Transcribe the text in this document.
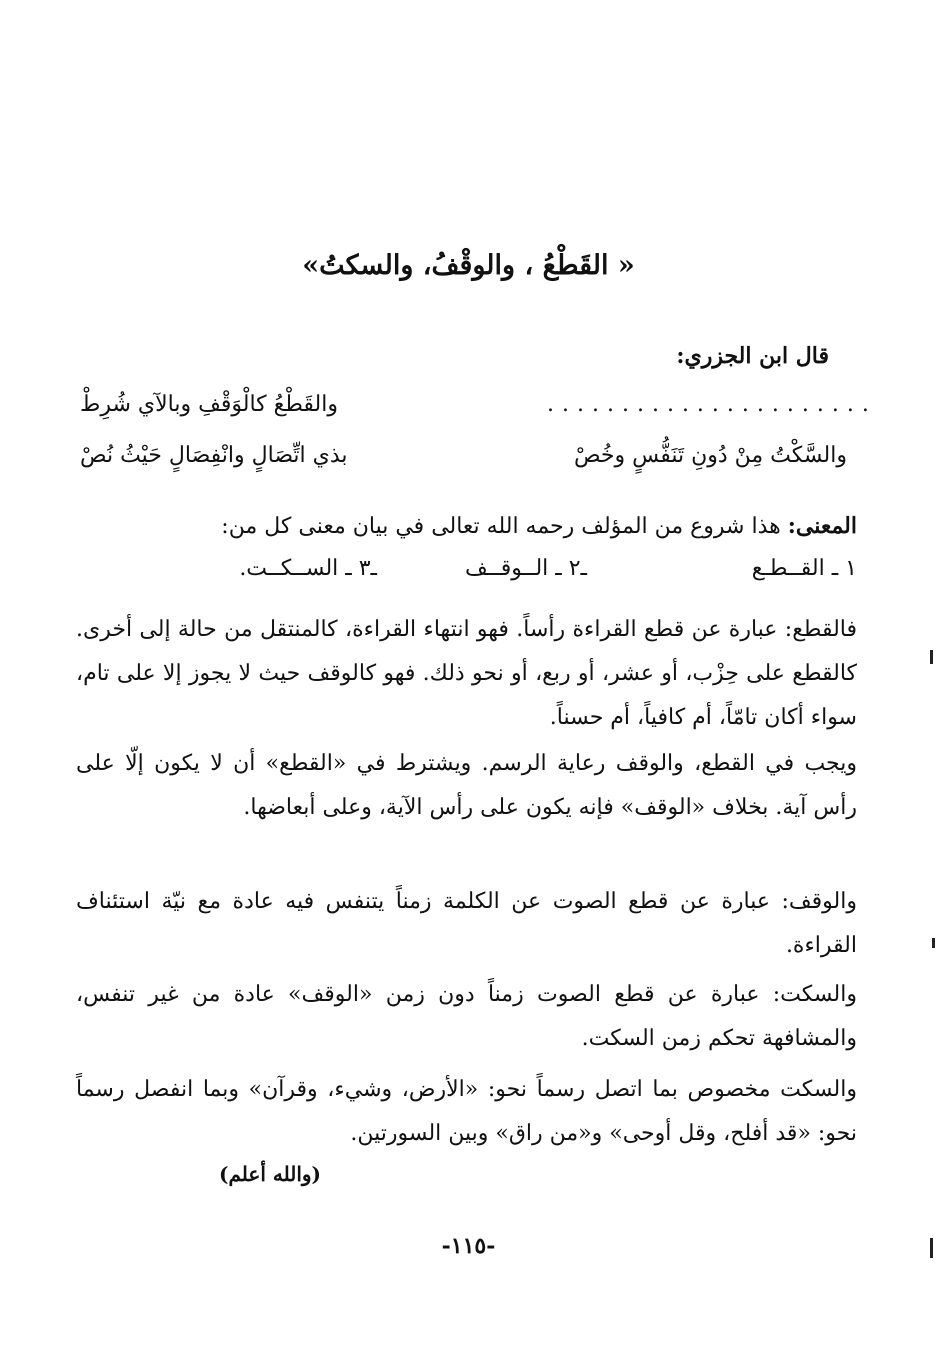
« القَطْعُ ، والوقْفُ، والسكتُ»
قال ابن الجزري:
......................
والقَطْعُ كالْوَقْفِ وبالآي شُرِطْ
والسَّكْتُ مِنْ دُونِ تَنَفُّسٍ وخُصْ
بذي اتِّصَالٍ وانْفِصَالٍ حَيْثُ نُصْ
المعنى: هذا شروع من المؤلف رحمه الله تعالى في بيان معنى كل من:
١ ـ القــطـع
ـ٢ ـ الــوقــف
ـ٣ ـ الســكــت.
فالقطع: عبارة عن قطع القراءة رأساً. فهو انتهاء القراءة، كالمنتقل من حالة إلى أخرى. كالقطع على حِزْب، أو عشر، أو ربع، أو نحو ذلك. فهو كالوقف حيث لا يجوز إلا على تام، سواء أكان تامّاً، أم كافياً، أم حسناً.
ويجب في القطع، والوقف رعاية الرسم. ويشترط في «القطع» أن لا يكون إلّا على رأس آية. بخلاف «الوقف» فإنه يكون على رأس الآية، وعلى أبعاضها.
والوقف: عبارة عن قطع الصوت عن الكلمة زمناً يتنفس فيه عادة مع نيّة استئناف القراءة.
والسكت: عبارة عن قطع الصوت زمناً دون زمن «الوقف» عادة من غير تنفس، والمشافهة تحكم زمن السكت.
والسكت مخصوص بما اتصل رسماً نحو: «الأرض، وشيء، وقرآن» وبما انفصل رسماً نحو: «قد أفلح، وقل أوحى» و«من راق» وبين السورتين.
(والله أعلم)
-١١٥-
